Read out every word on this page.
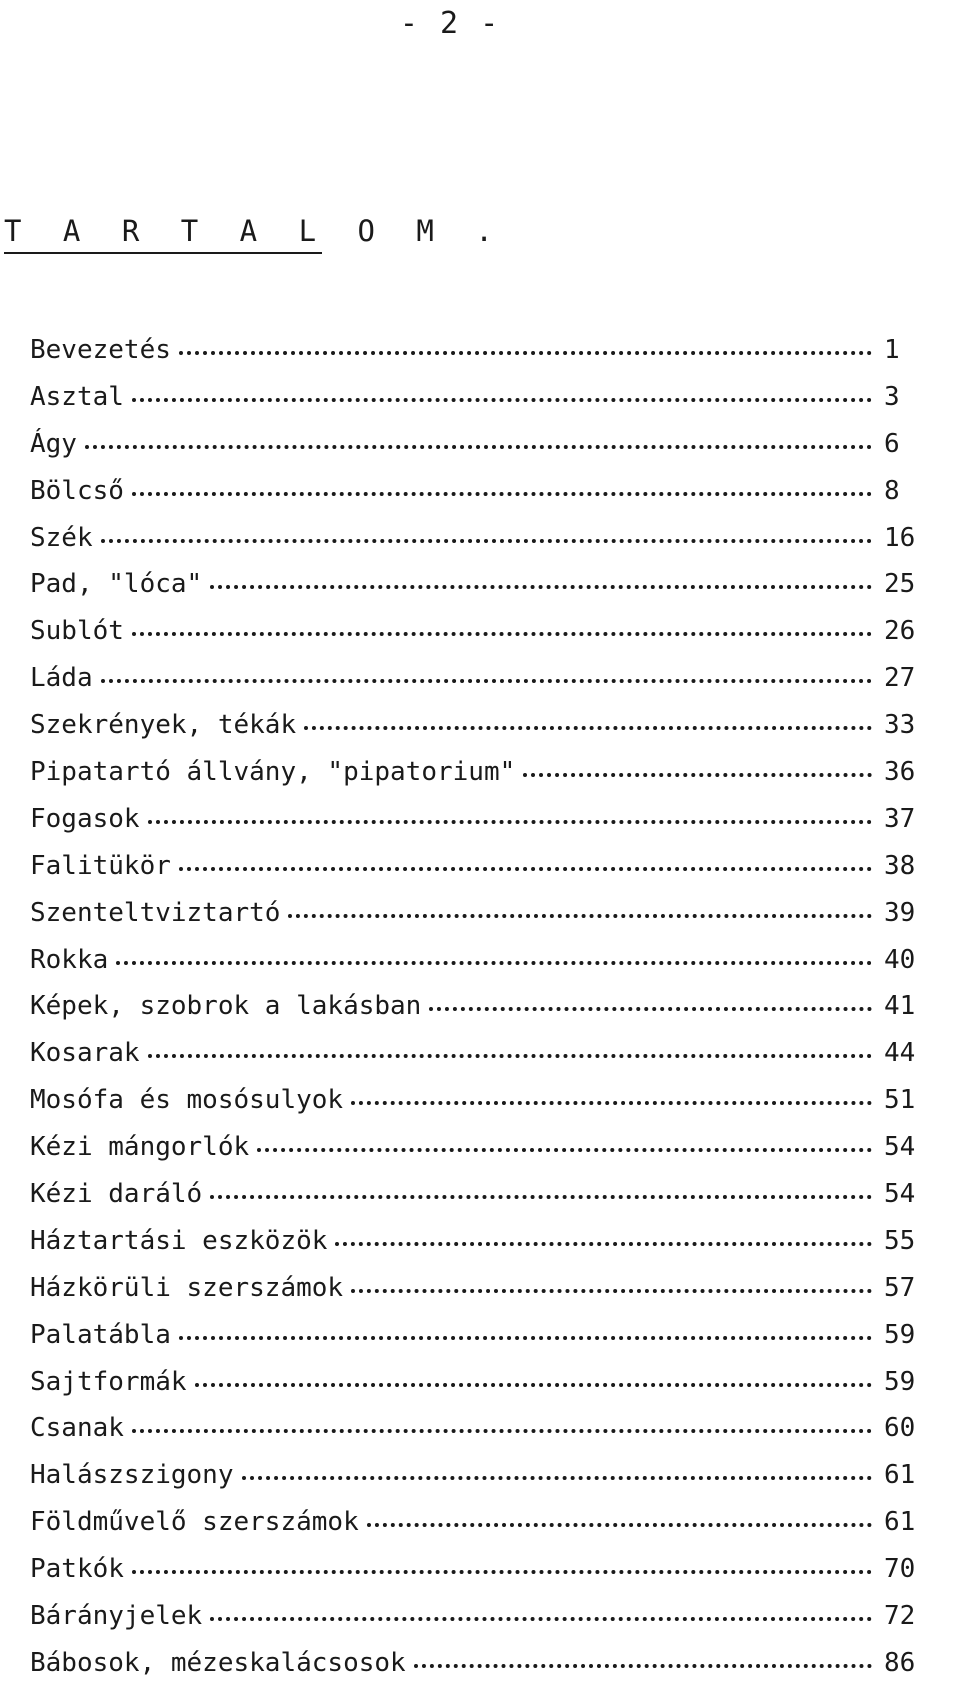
- 2 -
T A R T A L O M .
Bevezetés	1
Asztal	3
Ágy	6
Bölcső	8
Szék	16
Pad, "lóca"	25
Sublót	26
Láda	27
Szekrények, tékák	33
Pipatartó állvány, "pipatorium"	36
Fogasok	37
Falitükör	38
Szenteltviztartó	39
Rokka	40
Képek, szobrok a lakásban	41
Kosarak	44
Mosófa és mosósulyok	51
Kézi mángorlók	54
Kézi daráló	54
Háztartási eszközök	55
Házkörüli szerszámok	57
Palatábla	59
Sajtformák	59
Csanak	60
Halászszigony	61
Földművelő szerszámok	61
Patkók	70
Bárányjelek	72
Bábosok, mézeskalácsosok	86
